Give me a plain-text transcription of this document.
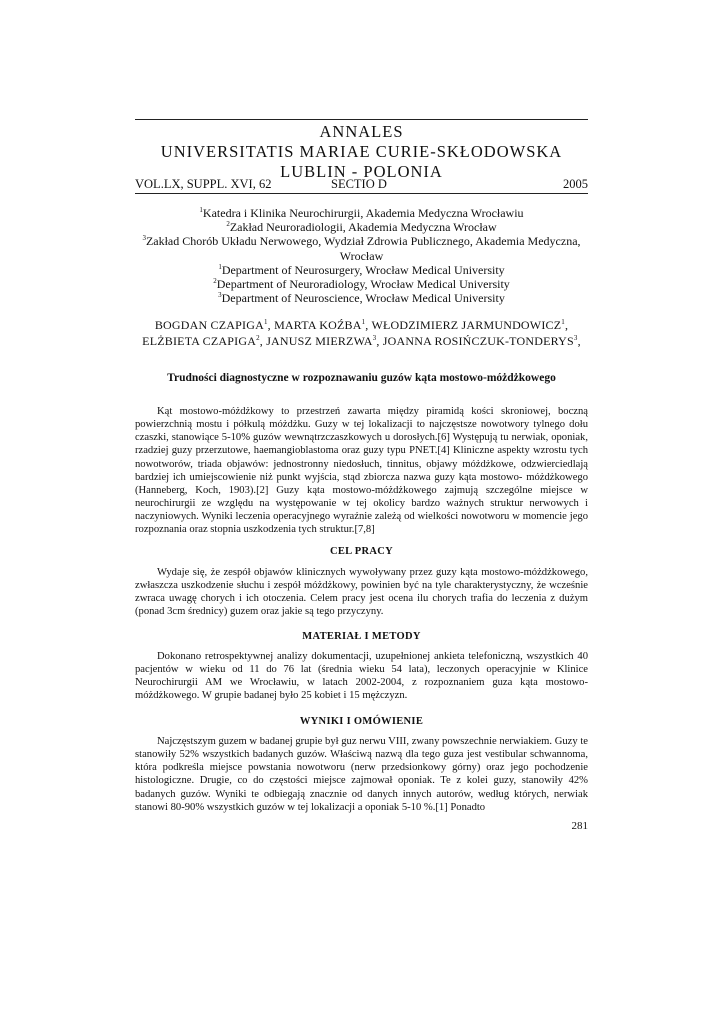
ANNALES
UNIVERSITATIS MARIAE CURIE-SKŁODOWSKA
LUBLIN - POLONIA
VOL.LX, SUPPL. XVI, 62	SECTIO D	2005
$^1$Katedra i Klinika Neurochirurgii, Akademia Medyczna Wrocławiu
$^2$Zakład Neuroradiologii, Akademia Medyczna Wrocław
$^3$Zakład Chorób Układu Nerwowego, Wydział Zdrowia Publicznego, Akademia Medyczna, Wrocław
$^1$Department of Neurosurgery, Wrocław Medical University
$^2$Department of Neuroradiology, Wrocław Medical University
$^3$Department of Neuroscience, Wrocław Medical University
BOGDAN CZAPIGA$^1$, MARTA KOŹBA$^1$, WŁODZIMIERZ JARMUNDOWICZ$^1$,
ELŻBIETA CZAPIGA$^2$, JANUSZ MIERZWA$^3$, JOANNA ROSIŃCZUK-TONDERYS$^3$,
Trudności diagnostyczne w rozpoznawaniu guzów kąta mostowo-móżdżkowego

Kąt mostowo-móżdżkowy to przestrzeń zawarta między piramidą kości skroniowej, boczną powierzchnią mostu i półkulą móżdżku. Guzy w tej lokalizacji to najczęstsze nowotwory tylnego dołu czaszki, stanowiące 5-10% guzów wewnątrzczaszkowych u dorosłych.[6] Występują tu nerwiak, oponiak, rzadziej guzy przerzutowe, haemangioblastoma oraz guzy typu PNET.[4] Kliniczne aspekty wzrostu tych nowotworów, triada objawów: jednostronny niedosłuch, tinnitus, objawy móżdżkowe, odzwierciedlają bardziej ich umiejscowienie niż punkt wyjścia, stąd zbiorcza nazwa guzy kąta mostowo- móżdżkowego (Hanneberg, Koch, 1903).[2] Guzy kąta mostowo-móżdżkowego zajmują szczególne miejsce w neurochirurgii ze względu na występowanie w tej okolicy bardzo ważnych struktur nerwowych i naczyniowych. Wyniki leczenia operacyjnego wyraźnie zależą od wielkości nowotworu w momencie jego rozpoznania oraz stopnia uszkodzenia tych struktur.[7,8]

CEL PRACY

Wydaje się, że zespół objawów klinicznych wywoływany przez guzy kąta mostowo-móżdżkowego, zwłaszcza uszkodzenie słuchu i zespół móżdżkowy, powinien być na tyle charakterystyczny, że wcześnie zwraca uwagę chorych i ich otoczenia. Celem pracy jest ocena ilu chorych trafia do leczenia z dużym (ponad 3cm średnicy) guzem oraz jakie są tego przyczyny.

MATERIAŁ I METODY

Dokonano retrospektywnej analizy dokumentacji, uzupełnionej ankieta telefoniczną, wszystkich 40 pacjentów w wieku od 11 do 76 lat (średnia wieku 54 lata), leczonych operacyjnie w Klinice Neurochirurgii AM we Wrocławiu, w latach 2002-2004, z rozpoznaniem guza kąta mostowo-móżdżkowego. W grupie badanej było 25 kobiet i 15 mężczyzn.

WYNIKI I OMÓWIENIE

Najczęstszym guzem w badanej grupie był guz nerwu VIII, zwany powszechnie nerwiakiem. Guzy te stanowiły 52% wszystkich badanych guzów. Właściwą nazwą dla tego guza jest vestibular schwannoma, która podkreśla miejsce powstania nowotworu (nerw przedsionkowy górny) oraz jego pochodzenie histologiczne. Drugie, co do częstości miejsce zajmował oponiak. Te z kolei guzy, stanowiły 42% badanych guzów. Wyniki te odbiegają znacznie od danych innych autorów, według których, nerwiak stanowi 80-90% wszystkich guzów w tej lokalizacji a oponiak 5-10 %.[1] Ponadto

281
